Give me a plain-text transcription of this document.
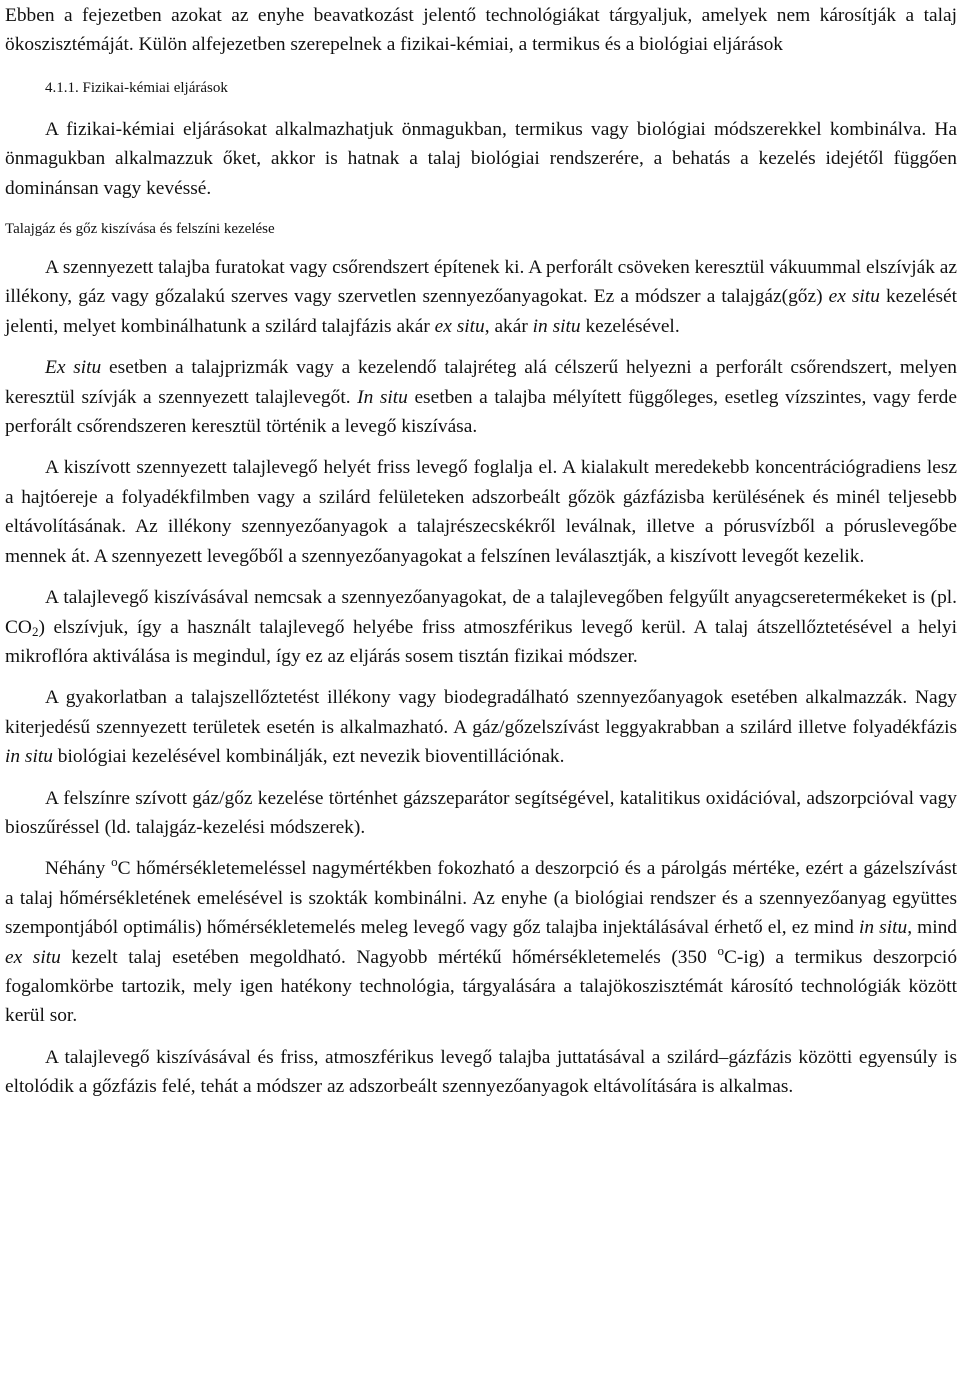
Ebben a fejezetben azokat az enyhe beavatkozást jelentő technológiákat tárgyaljuk, amelyek nem károsítják a talaj ökoszisztémáját. Külön alfejezetben szerepelnek a fizikai-kémiai, a termikus és a biológiai eljárások

4.1.1. Fizikai-kémiai eljárások

A fizikai-kémiai eljárásokat alkalmazhatjuk önmagukban, termikus vagy biológiai módszerekkel kombinálva. Ha önmagukban alkalmazzuk őket, akkor is hatnak a talaj biológiai rendszerére, a behatás a kezelés idejétől függően dominánsan vagy kevéssé.

Talajgáz és gőz kiszívása és felszíni kezelése

A szennyezett talajba furatokat vagy csőrendszert építenek ki. A perforált csöveken keresztül vákuummal elszívják az illékony, gáz vagy gőzalakú szerves vagy szervetlen szennyezőanyagokat. Ez a módszer a talajgáz(gőz) ex situ kezelését jelenti, melyet kombinálhatunk a szilárd talajfázis akár ex situ, akár in situ kezelésével.

Ex situ esetben a talajprizmák vagy a kezelendő talajréteg alá célszerű helyezni a perforált csőrendszert, melyen keresztül szívják a szennyezett talajlevegőt. In situ esetben a talajba mélyített függőleges, esetleg vízszintes, vagy ferde perforált csőrendszeren keresztül történik a levegő kiszívása.

A kiszívott szennyezett talajlevegő helyét friss levegő foglalja el. A kialakult meredekebb koncentrációgradiens lesz a hajtóereje a folyadékfilmben vagy a szilárd felületeken adszorbeált gőzök gázfázisba kerülésének és minél teljesebb eltávolításának. Az illékony szennyezőanyagok a talajrészecskékről leválnak, illetve a pórusvízből a póruslevegőbe mennek át. A szennyezett levegőből a szennyezőanyagokat a felszínen leválasztják, a kiszívott levegőt kezelik.

A talajlevegő kiszívásával nemcsak a szennyezőanyagokat, de a talajlevegőben felgyűlt anyagcseretermékeket is (pl. $CO_2$) elszívjuk, így a használt talajlevegő helyébe friss atmoszférikus levegő kerül. A talaj átszellőztetésével a helyi mikroflóra aktiválása is megindul, így ez az eljárás sosem tisztán fizikai módszer.

A gyakorlatban a talajszellőztetést illékony vagy biodegradálható szennyezőanyagok esetében alkalmazzák. Nagy kiterjedésű szennyezett területek esetén is alkalmazható. A gáz/gőzelszívást leggyakrabban a szilárd illetve folyadékfázis in situ biológiai kezelésével kombinálják, ezt nevezik bioventillációnak.

A felszínre szívott gáz/gőz kezelése történhet gázszeparátor segítségével, katalitikus oxidációval, adszorpcióval vagy bioszűréssel (ld. talajgáz-kezelési módszerek).

Néhány $^o$C hőmérsékletemeléssel nagymértékben fokozható a deszorpció és a párolgás mértéke, ezért a gázelszívást a talaj hőmérsékletének emelésével is szokták kombinálni. Az enyhe (a biológiai rendszer és a szennyezőanyag együttes szempontjából optimális) hőmérsékletemelés meleg levegő vagy gőz talajba injektálásával érhető el, ez mind in situ, mind ex situ kezelt talaj esetében megoldható. Nagyobb mértékű hőmérsékletemelés (350 $^o$C-ig) a termikus deszorpció fogalomkörbe tartozik, mely igen hatékony technológia, tárgyalására a talajökoszisztémát károsító technológiák között kerül sor.

A talajlevegő kiszívásával és friss, atmoszférikus levegő talajba juttatásával a szilárd–gázfázis közötti egyensúly is eltolódik a gőzfázis felé, tehát a módszer az adszorbeált szennyezőanyagok eltávolítására is alkalmas.
